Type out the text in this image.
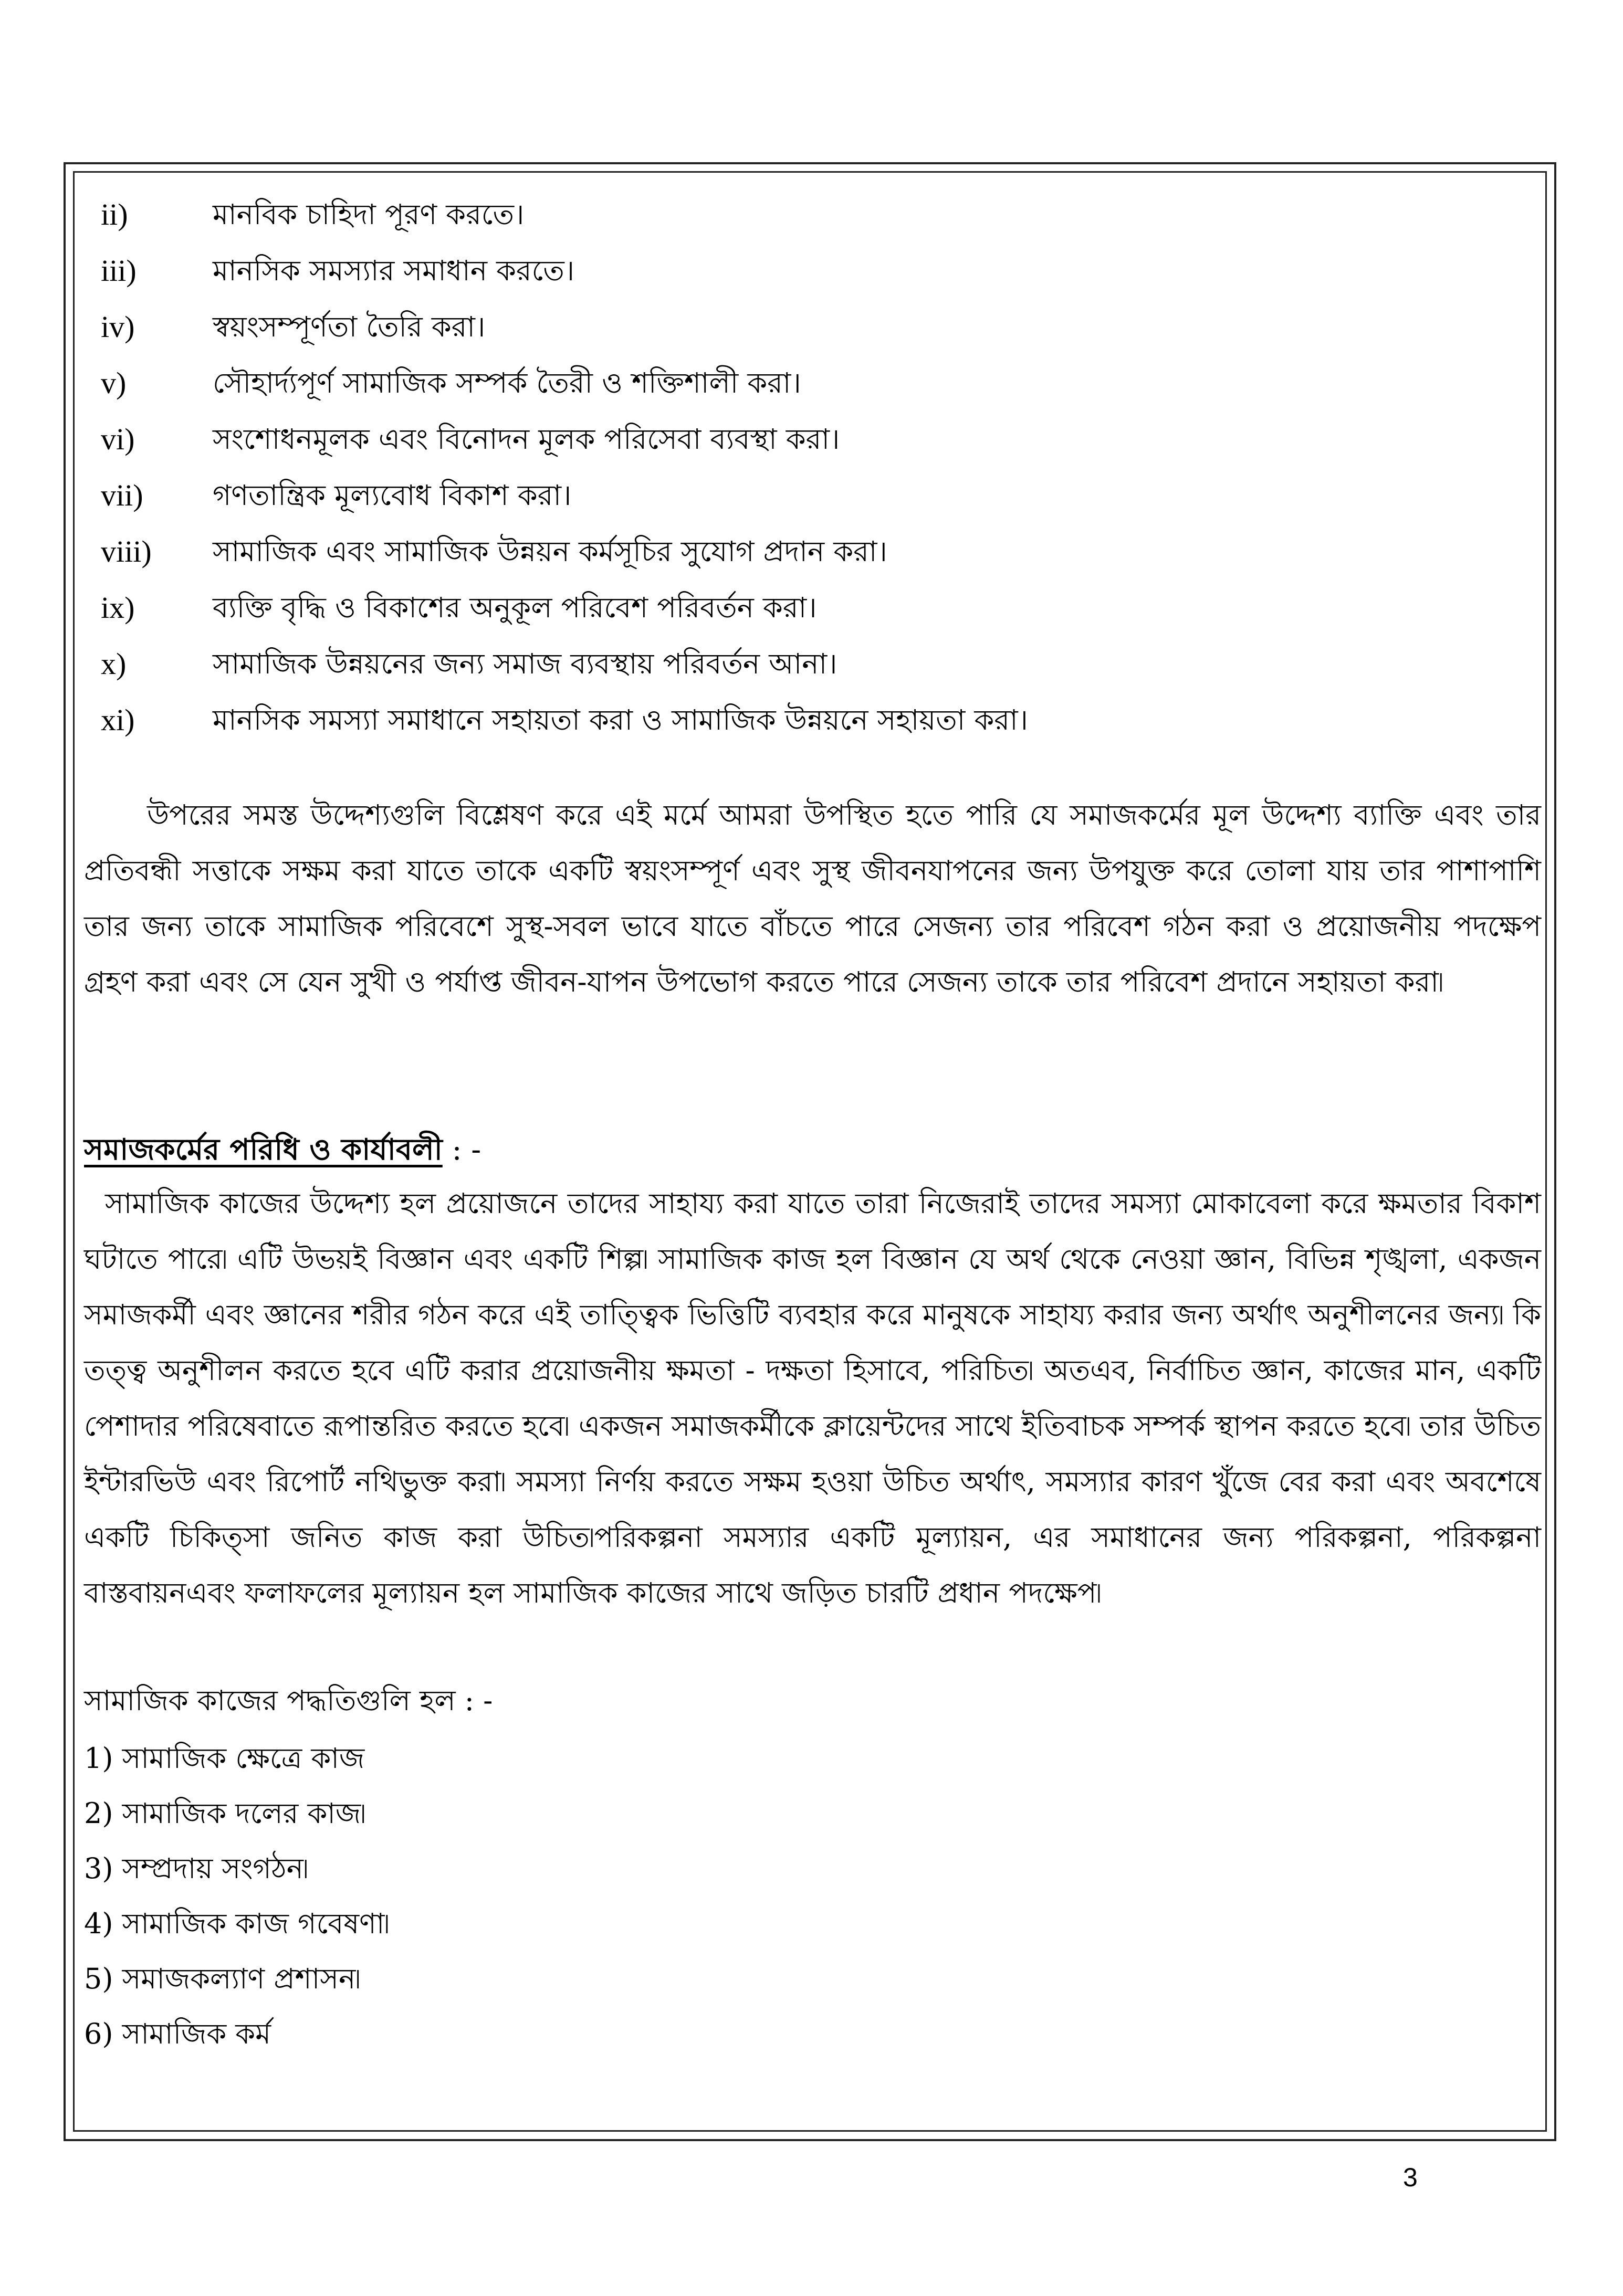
ii)	মানবিক চাহিদা পূরণ করতে।
iii)	মানসিক সমস্যার সমাধান করতে।
iv)	স্বয়ংসম্পূর্ণতা তৈরি করা।
v)	সৌহার্দ্যপূর্ণ সামাজিক সম্পর্ক তৈরী ও শক্তিশালী করা।
vi)	সংশোধনমূলক এবং বিনোদন মূলক পরিসেবা ব্যবস্থা করা।
vii) গণতান্ত্রিক মূল্যবোধ বিকাশ করা।
viii) সামাজিক এবং সামাজিক উন্নয়ন কর্মসূচির সুযোগ প্রদান করা।
ix)	ব্যক্তি বৃদ্ধি ও বিকাশের অনুকূল পরিবেশ পরিবর্তন করা।
x)	সামাজিক উন্নয়নের জন্য সমাজ ব্যবস্থায় পরিবর্তন আনা।
xi)	মানসিক সমস্যা সমাধানে সহায়তা করা ও সামাজিক উন্নয়নে সহায়তা করা।
উপরের সমস্ত উদ্দেশ্যগুলি বিশ্লেষণ করে এই মর্মে আমরা উপস্থিত হতে পারি যে সমাজকর্মের মূল উদ্দেশ্য ব্যাক্তি এবং তার প্রতিবন্ধী সত্তাকে সক্ষম করা যাতে তাকে একটি স্বয়ংসম্পূর্ণ এবং সুস্থ জীবনযাপনের জন্য উপযুক্ত করে তোলা যায় তার পাশাপাশি তার জন্য তাকে সামাজিক পরিবেশে সুস্থ-সবল ভাবে যাতে বাঁচতে পারে সেজন্য তার পরিবেশ গঠন করা ও প্রয়োজনীয় পদক্ষেপ গ্রহণ করা এবং সে যেন সুখী ও পর্যাপ্ত জীবন-যাপন উপভোগ করতে পারে সেজন্য তাকে তার পরিবেশ প্রদানে সহায়তা করা৷
সমাজকর্মের পরিধি ও কার্যাবলী : -
সামাজিক কাজের উদ্দেশ্য হল প্রয়োজনে তাদের সাহায্য করা যাতে তারা নিজেরাই তাদের সমস্যা মোকাবেলা করে ক্ষমতার বিকাশ ঘটাতে পারে৷ এটি উভয়ই বিজ্ঞান এবং একটি শিল্প৷ সামাজিক কাজ হল বিজ্ঞান যে অর্থ থেকে নেওয়া জ্ঞান, বিভিন্ন শৃঙ্খলা, একজন সমাজকর্মী এবং জ্ঞানের শরীর গঠন করে এই তাত্ত্বিক ভিত্তিটি ব্যবহার করে মানুষকে সাহায্য করার জন্য অর্থাৎ অনুশীলনের জন্য৷ কি তত্ত্ব অনুশীলন করতে হবে এটি করার প্রয়োজনীয় ক্ষমতা - দক্ষতা হিসাবে, পরিচিত৷ অতএব, নির্বাচিত জ্ঞান, কাজের মান, একটি পেশাদার পরিষেবাতে রূপান্তরিত করতে হবে৷ একজন সমাজকর্মীকে ক্লায়েন্টদের সাথে ইতিবাচক সম্পর্ক স্থাপন করতে হবে৷ তার উচিত ইন্টারভিউ এবং রিপোর্ট নথিভুক্ত করা৷ সমস্যা নির্ণয় করতে সক্ষম হওয়া উচিত অর্থাৎ, সমস্যার কারণ খুঁজে বের করা এবং অবশেষে একটি চিকিত্সা জনিত কাজ করা উচিত৷পরিকল্পনা সমস্যার একটি মূল্যায়ন, এর সমাধানের জন্য পরিকল্পনা, পরিকল্পনা বাস্তবায়নএবং ফলাফলের মূল্যায়ন হল সামাজিক কাজের সাথে জড়িত চারটি প্রধান পদক্ষেপ৷
সামাজিক কাজের পদ্ধতিগুলি হল : -
1) সামাজিক ক্ষেত্রে কাজ
2) সামাজিক দলের কাজ৷
3) সম্প্রদায় সংগঠন৷
4) সামাজিক কাজ গবেষণা৷
5) সমাজকল্যাণ প্রশাসন৷
6) সামাজিক কর্ম
3
